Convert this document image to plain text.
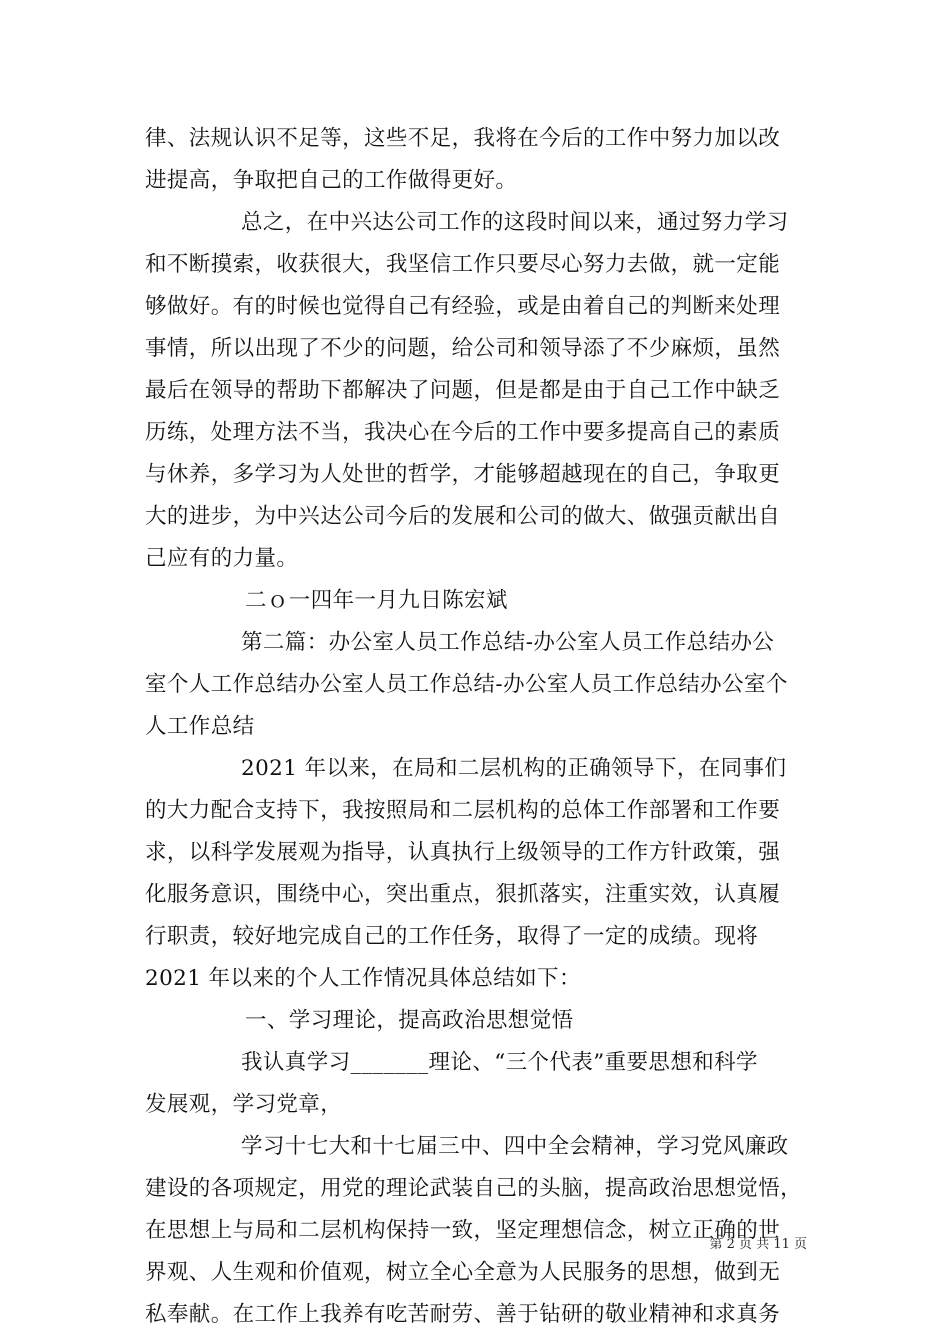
律、法规认识不足等，这些不足，我将在今后的工作中努力加以改
进提高，争取把自己的工作做得更好。
总之，在中兴达公司工作的这段时间以来，通过努力学习
和不断摸索，收获很大，我坚信工作只要尽心努力去做，就一定能
够做好。有的时候也觉得自己有经验，或是由着自己的判断来处理
事情，所以出现了不少的问题，给公司和领导添了不少麻烦，虽然
最后在领导的帮助下都解决了问题，但是都是由于自己工作中缺乏
历练，处理方法不当，我决心在今后的工作中要多提高自己的素质
与休养，多学习为人处世的哲学，才能够超越现在的自己，争取更
大的进步，为中兴达公司今后的发展和公司的做大、做强贡献出自
己应有的力量。
二ｏ一四年一月九日陈宏斌
第二篇：办公室人员工作总结-办公室人员工作总结办公
室个人工作总结办公室人员工作总结-办公室人员工作总结办公室个
人工作总结
2021 年以来，在局和二层机构的正确领导下，在同事们
的大力配合支持下，我按照局和二层机构的总体工作部署和工作要
求，以科学发展观为指导，认真执行上级领导的工作方针政策，强
化服务意识，围绕中心，突出重点，狠抓落实，注重实效，认真履
行职责，较好地完成自己的工作任务，取得了一定的成绩。现将
2021 年以来的个人工作情况具体总结如下：
一、学习理论，提高政治思想觉悟
我认真学习_______理论、“三个代表”重要思想和科学
发展观，学习党章，
学习十七大和十七届三中、四中全会精神，学习党风廉政
建设的各项规定，用党的理论武装自己的头脑，提高政治思想觉悟，
在思想上与局和二层机构保持一致，坚定理想信念，树立正确的世
界观、人生观和价值观，树立全心全意为人民服务的思想，做到无
私奉献。在工作上我养有吃苦耐劳、善于钻研的敬业精神和求真务
第 2 页 共 11 页
